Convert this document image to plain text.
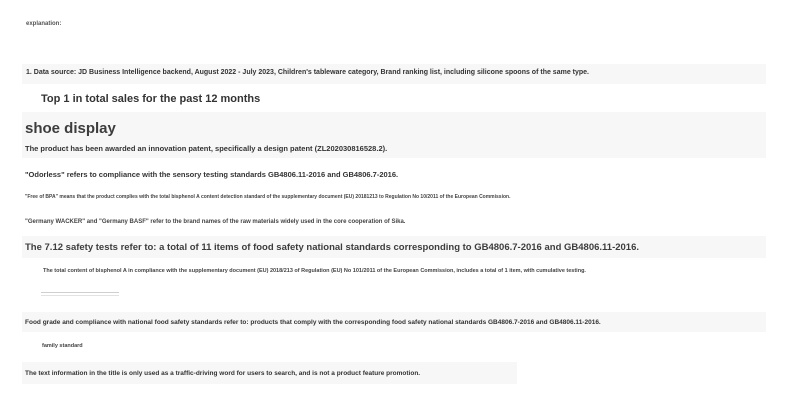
explanation:
1. Data source: JD Business Intelligence backend, August 2022 - July 2023, Children's tableware category, Brand ranking list, including silicone spoons of the same type.
Top 1 in total sales for the past 12 months
shoe display
The product has been awarded an innovation patent, specifically a design patent (ZL202030816528.2).
"Odorless" refers to compliance with the sensory testing standards GB4806.11-2016 and GB4806.7-2016.
"Free of BPA" means that the product complies with the total bisphenol A content detection standard of the supplementary document (EU) 20181213 to Regulation No 10/2011 of the European Commission.
"Germany WACKER" and "Germany BASF" refer to the brand names of the raw materials widely used in the core cooperation of Sika.
The 7.12 safety tests refer to: a total of 11 items of food safety national standards corresponding to GB4806.7-2016 and GB4806.11-2016.
The total content of bisphenol A in compliance with the supplementary document (EU) 2018/213 of Regulation (EU) No 101/2011 of the European Commission, includes a total of 1 item, with cumulative testing.
Food grade and compliance with national food safety standards refer to: products that comply with the corresponding food safety national standards GB4806.7-2016 and GB4806.11-2016.
family standard
The text information in the title is only used as a traffic-driving word for users to search, and is not a product feature promotion.
